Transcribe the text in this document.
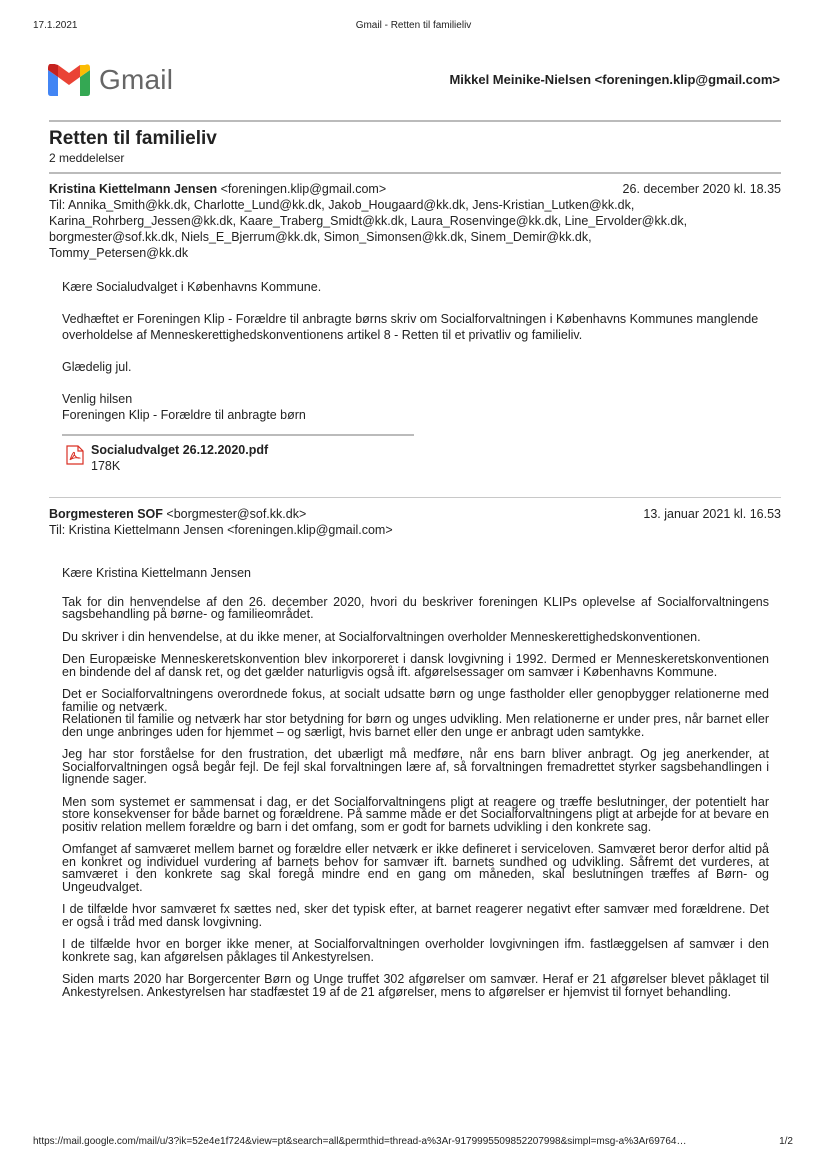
17.1.2021	Gmail - Retten til familieliv
Gmail	Mikkel Meinike-Nielsen <foreningen.klip@gmail.com>
Retten til familieliv
2 meddelelser
Kristina Kiettelmann Jensen <foreningen.klip@gmail.com>	26. december 2020 kl. 18.35
Til: Annika_Smith@kk.dk, Charlotte_Lund@kk.dk, Jakob_Hougaard@kk.dk, Jens-Kristian_Lutken@kk.dk,
Karina_Rohrberg_Jessen@kk.dk, Kaare_Traberg_Smidt@kk.dk, Laura_Rosenvinge@kk.dk, Line_Ervolder@kk.dk,
borgmester@sof.kk.dk, Niels_E_Bjerrum@kk.dk, Simon_Simonsen@kk.dk, Sinem_Demir@kk.dk,
Tommy_Petersen@kk.dk

Kære Socialudvalget i Københavns Kommune.

Vedhæftet er Foreningen Klip - Forældre til anbragte børns skriv om Socialforvaltningen i Københavns Kommunes manglende overholdelse af Menneskerettighedskonventionens artikel 8 - Retten til et privatliv og familieliv.

Glædelig jul.

Venlig hilsen
Foreningen Klip - Forældre til anbragte børn

Socialudvalget 26.12.2020.pdf
178K
Borgmesteren SOF <borgmester@sof.kk.dk>	13. januar 2021 kl. 16.53
Til: Kristina Kiettelmann Jensen <foreningen.klip@gmail.com>

Kære Kristina Kiettelmann Jensen

Tak for din henvendelse af den 26. december 2020, hvori du beskriver foreningen KLIPs oplevelse af Socialforvaltningens sagsbehandling på børne- og familieområdet.

Du skriver i din henvendelse, at du ikke mener, at Socialforvaltningen overholder Menneskerettighedskonventionen.

Den Europæiske Menneskeretskonvention blev inkorporeret i dansk lovgivning i 1992. Dermed er Menneskeretskonventionen en bindende del af dansk ret, og det gælder naturligvis også ift. afgørelsessager om samvær i Københavns Kommune.

Det er Socialforvaltningens overordnede fokus, at socialt udsatte børn og unge fastholder eller genopbygger relationerne med familie og netværk.
Relationen til familie og netværk har stor betydning for børn og unges udvikling. Men relationerne er under pres, når barnet eller den unge anbringes uden for hjemmet – og særligt, hvis barnet eller den unge er anbragt uden samtykke.

Jeg har stor forståelse for den frustration, det ubærligt må medføre, når ens barn bliver anbragt. Og jeg anerkender, at Socialforvaltningen også begår fejl. De fejl skal forvaltningen lære af, så forvaltningen fremadrettet styrker sagsbehandlingen i lignende sager.

Men som systemet er sammensat i dag, er det Socialforvaltningens pligt at reagere og træffe beslutninger, der potentielt har store konsekvenser for både barnet og forældrene. På samme måde er det Socialforvaltningens pligt at arbejde for at bevare en positiv relation mellem forældre og barn i det omfang, som er godt for barnets udvikling i den konkrete sag.

Omfanget af samværet mellem barnet og forældre eller netværk er ikke defineret i serviceloven. Samværet beror derfor altid på en konkret og individuel vurdering af barnets behov for samvær ift. barnets sundhed og udvikling. Såfremt det vurderes, at samværet i den konkrete sag skal foregå mindre end en gang om måneden, skal beslutningen træffes af Børn- og Ungeudvalget.

I de tilfælde hvor samværet fx sættes ned, sker det typisk efter, at barnet reagerer negativt efter samvær med forældrene. Det er også i tråd med dansk lovgivning.

I de tilfælde hvor en borger ikke mener, at Socialforvaltningen overholder lovgivningen ifm. fastlæggelsen af samvær i den konkrete sag, kan afgørelsen påklages til Ankestyrelsen.

Siden marts 2020 har Borgercenter Børn og Unge truffet 302 afgørelser om samvær. Heraf er 21 afgørelser blevet påklaget til Ankestyrelsen. Ankestyrelsen har stadfæstet 19 af de 21 afgørelser, mens to afgørelser er hjemvist til fornyet behandling.

https://mail.google.com/mail/u/3?ik=52e4e1f724&view=pt&search=all&permthid=thread-a%3Ar-9179995509852207998&simpl=msg-a%3Ar69764…	1/2
